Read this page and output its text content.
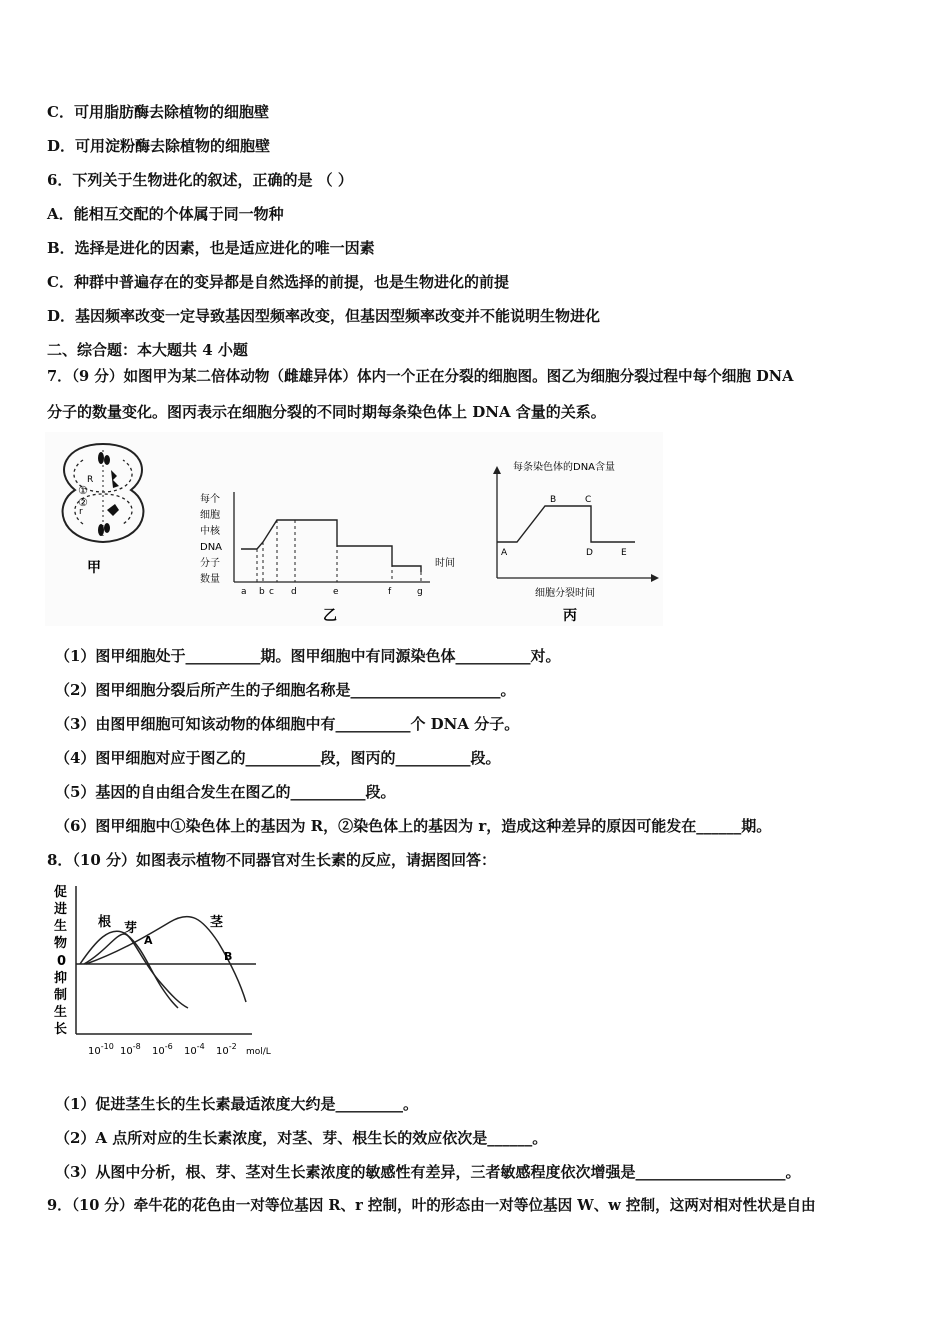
C．可用脂肪酶去除植物的细胞壁
D．可用淀粉酶去除植物的细胞壁
6．下列关于生物进化的叙述，正确的是 （ ）
A．能相互交配的个体属于同一物种
B．选择是进化的因素，也是适应进化的唯一因素
C．种群中普遍存在的变异都是自然选择的前提，也是生物进化的前提
D．基因频率改变一定导致基因型频率改变，但基因型频率改变并不能说明生物进化
二、综合题：本大题共 4 小题
7．（9 分）如图甲为某二倍体动物（雌雄异体）体内一个正在分裂的细胞图。图乙为细胞分裂过程中每个细胞 DNA
分子的数量变化。图丙表示在细胞分裂的不同时期每条染色体上 DNA 含量的关系。
R
r
①
②
甲
每个
细胞
中核
DNA
分子
数量
时间
a b c d	e	f	g
乙
每条染色体的DNA含量
细胞分裂时间
A
B	C
D	E
丙
（1）图甲细胞处于__________期。图甲细胞中有同源染色体__________对。
（2）图甲细胞分裂后所产生的子细胞名称是____________________。
（3）由图甲细胞可知该动物的体细胞中有__________个 DNA 分子。
（4）图甲细胞对应于图乙的__________段，图丙的__________段。
（5）基因的自由组合发生在图乙的__________段。
（6）图甲细胞中①染色体上的基因为 R，②染色体上的基因为 r，造成这种差异的原因可能发在______期。
8．（10 分）如图表示植物不同器官对生长素的反应，请据图回答：
促
进
生
物
0
抑
制
生
长
根 芽	茎
A
B
$10^{-10}$ $10^{-8}$ $10^{-6}$ $10^{-4}$ $10^{-2}$
mol/L
（1）促进茎生长的生长素最适浓度大约是_________。
（2）A 点所对应的生长素浓度，对茎、芽、根生长的效应依次是______。
（3）从图中分析，根、芽、茎对生长素浓度的敏感性有差异，三者敏感程度依次增强是____________________。
9．（10 分）牵牛花的花色由一对等位基因 R、r 控制，叶的形态由一对等位基因 W、w 控制，这两对相对性状是自由
